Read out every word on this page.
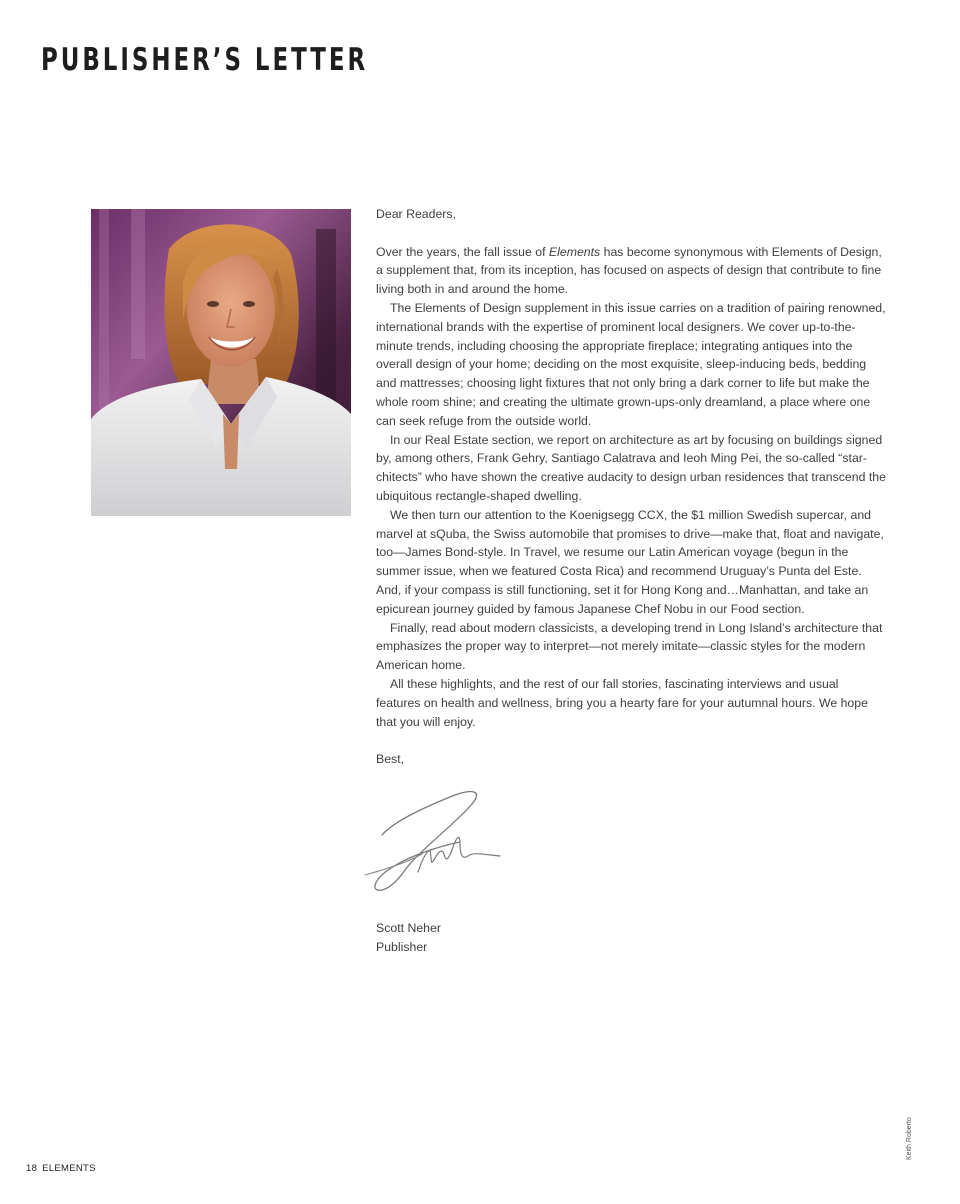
PUBLISHER’S LETTER

Dear Readers,

Over the years, the fall issue of Elements has become synonymous with Elements of Design, a supplement that, from its inception, has focused on aspects of design that contribute to fine living both in and around the home.

The Elements of Design supplement in this issue carries on a tradition of pairing renowned, international brands with the expertise of prominent local designers. We cover up-to-the-minute trends, including choosing the appropriate fireplace; integrating antiques into the overall design of your home; deciding on the most exquisite, sleep-inducing beds, bedding and mattresses; choosing light fixtures that not only bring a dark corner to life but make the whole room shine; and creating the ultimate grown-ups-only dreamland, a place where one can seek refuge from the outside world.

In our Real Estate section, we report on architecture as art by focusing on buildings signed by, among others, Frank Gehry, Santiago Calatrava and Ieoh Ming Pei, the so-called “star-chitects” who have shown the creative audacity to design urban residences that transcend the ubiquitous rectangle-shaped dwelling.

We then turn our attention to the Koenigsegg CCX, the $1 million Swedish supercar, and marvel at sQuba, the Swiss automobile that promises to drive—make that, float and navigate, too—James Bond-style. In Travel, we resume our Latin American voyage (begun in the summer issue, when we featured Costa Rica) and recommend Uruguay’s Punta del Este. And, if your compass is still functioning, set it for Hong Kong and…Manhattan, and take an epicurean journey guided by famous Japanese Chef Nobu in our Food section.

Finally, read about modern classicists, a developing trend in Long Island’s architecture that emphasizes the proper way to interpret—not merely imitate—classic styles for the modern American home.

All these highlights, and the rest of our fall stories, fascinating interviews and usual features on health and wellness, bring you a hearty fare for your autumnal hours. We hope that you will enjoy.

Best,

Scott Neher
Publisher
Keith Roberto
18 ELEMENTS
